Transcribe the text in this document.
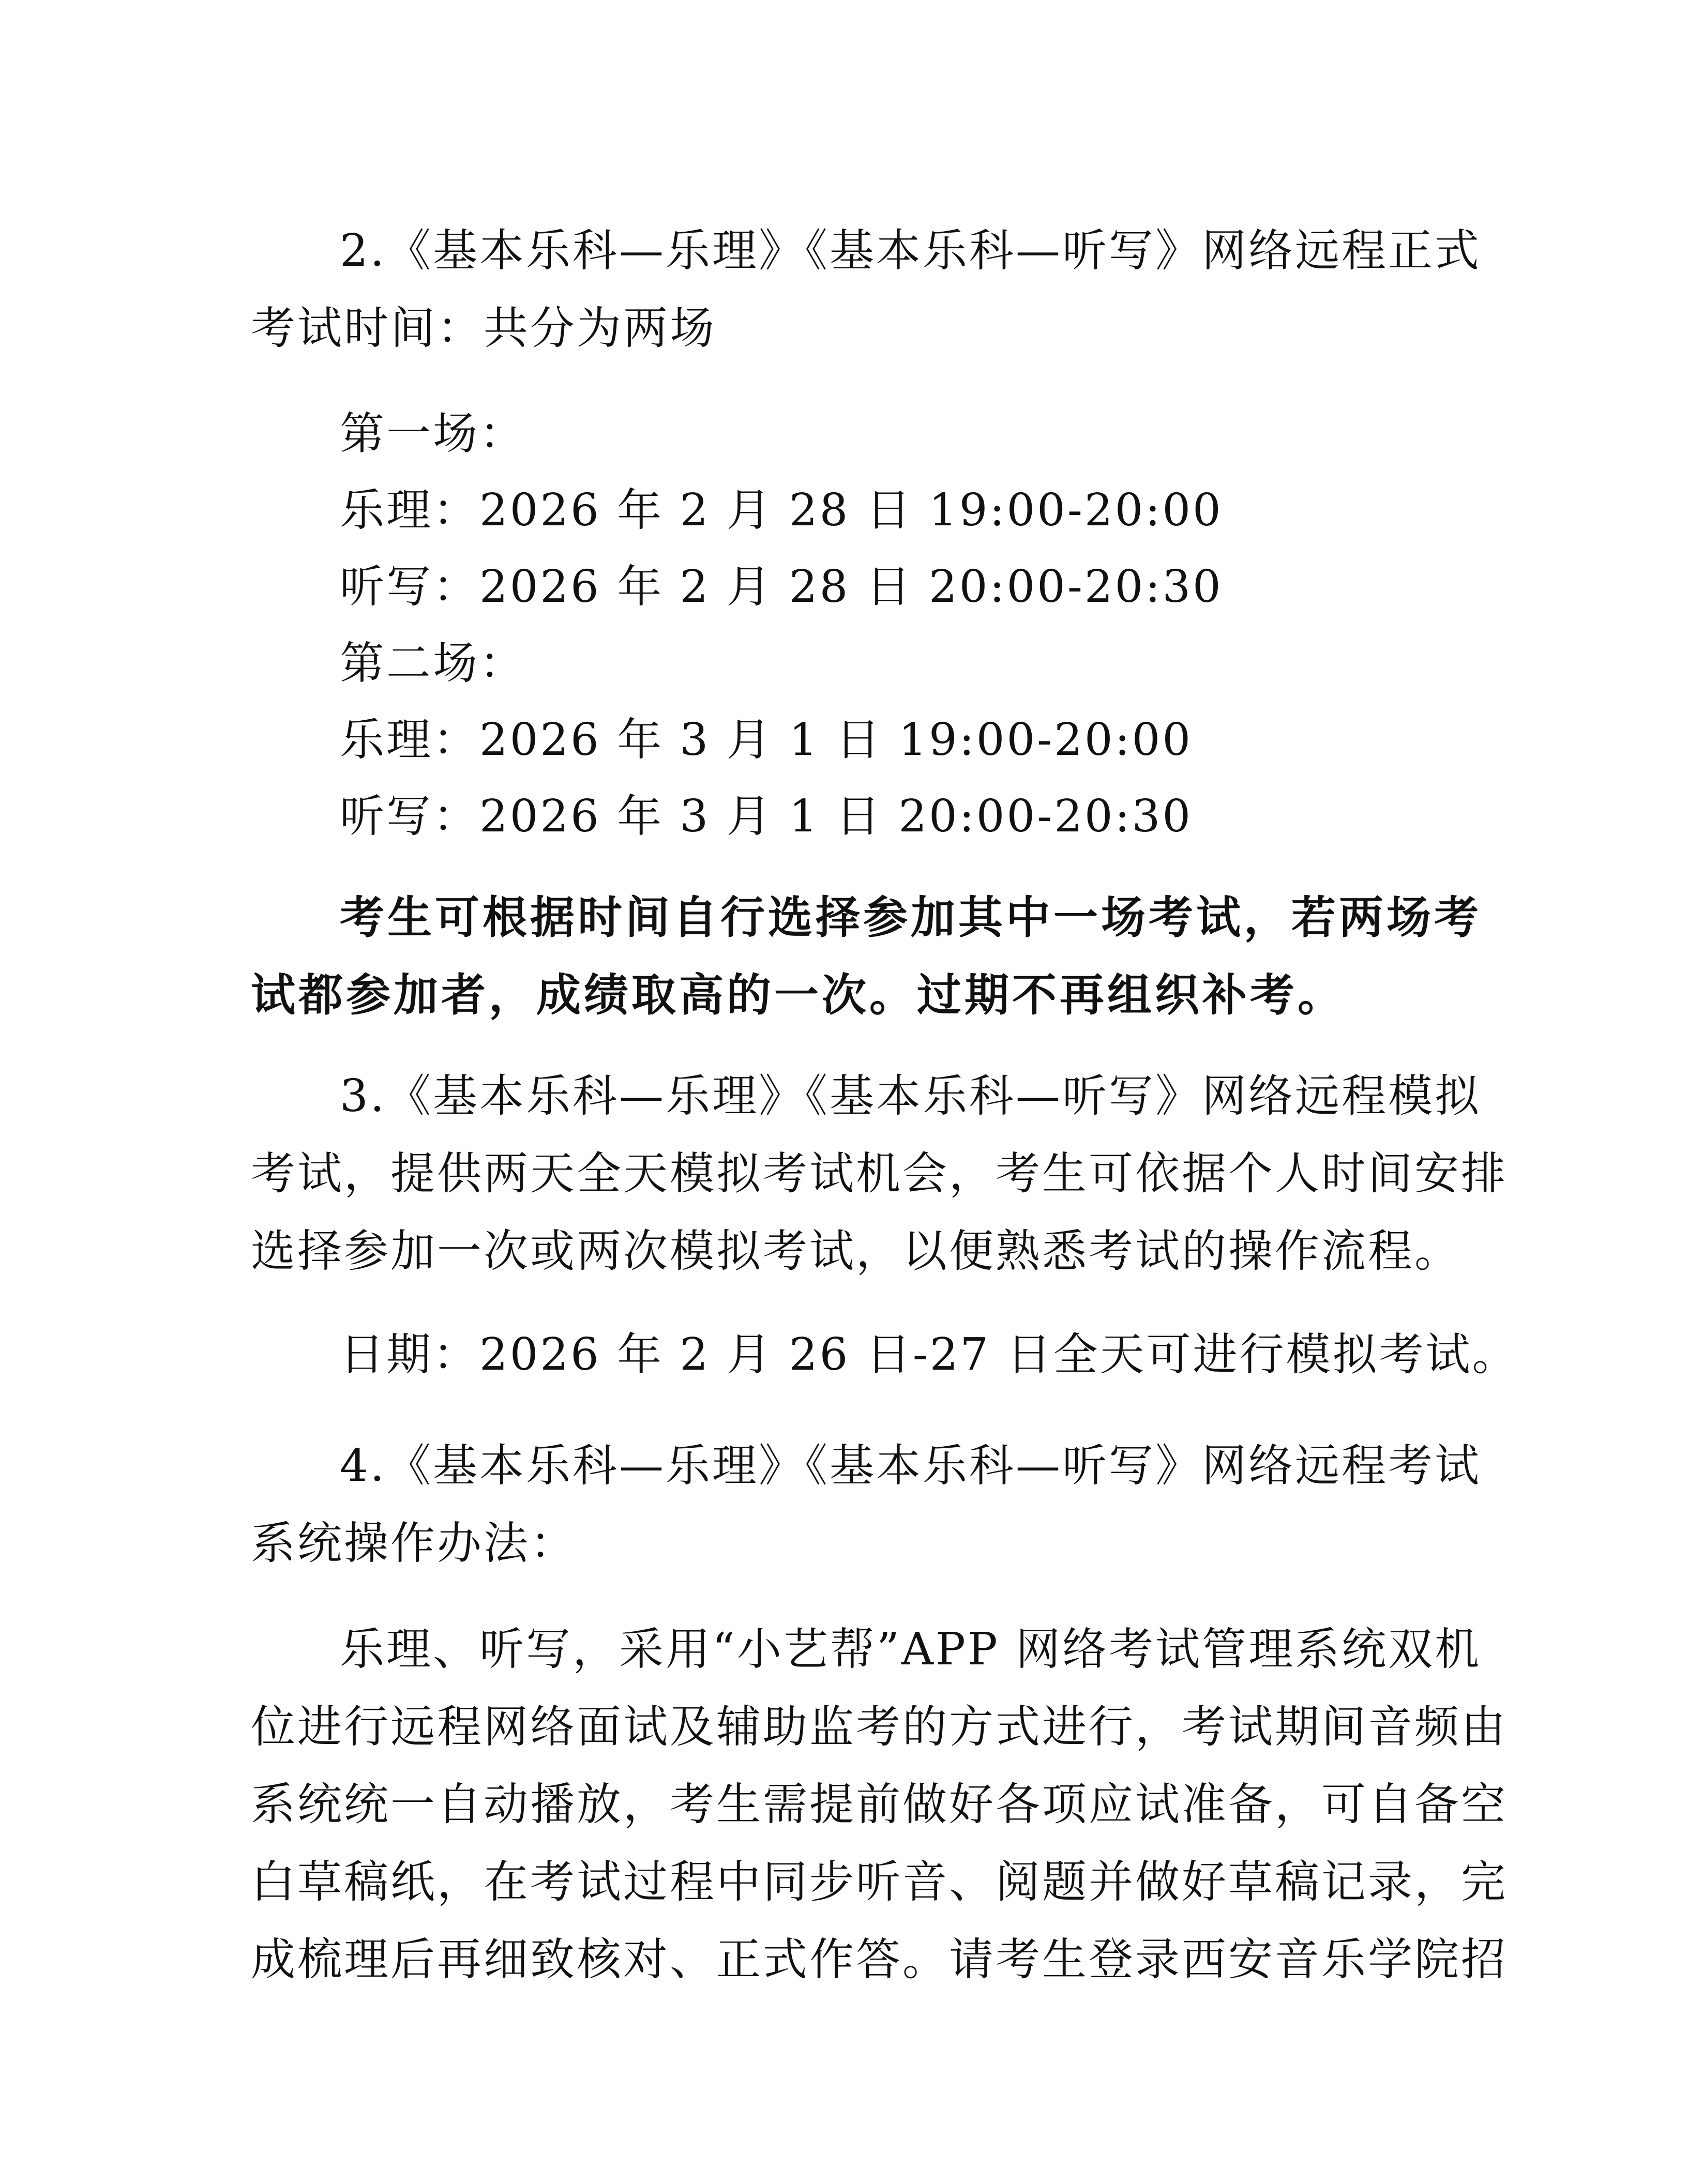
2.《基本乐科—乐理》《基本乐科—听写》网络远程正式
考试时间：共分为两场
第一场：
乐理：2026 年 2 月 28 日 19:00-20:00
听写：2026 年 2 月 28 日 20:00-20:30
第二场：
乐理：2026 年 3 月 1 日 19:00-20:00
听写：2026 年 3 月 1 日 20:00-20:30
考生可根据时间自行选择参加其中一场考试，若两场考
试都参加者，成绩取高的一次。过期不再组织补考。
3.《基本乐科—乐理》《基本乐科—听写》网络远程模拟
考试，提供两天全天模拟考试机会，考生可依据个人时间安排
选择参加一次或两次模拟考试，以便熟悉考试的操作流程。
日期：2026 年 2 月 26 日-27 日全天可进行模拟考试。
4.《基本乐科—乐理》《基本乐科—听写》网络远程考试
系统操作办法：
乐理、听写，采用“小艺帮”APP 网络考试管理系统双机
位进行远程网络面试及辅助监考的方式进行，考试期间音频由
系统统一自动播放，考生需提前做好各项应试准备，可自备空
白草稿纸，在考试过程中同步听音、阅题并做好草稿记录，完
成梳理后再细致核对、正式作答。请考生登录西安音乐学院招
